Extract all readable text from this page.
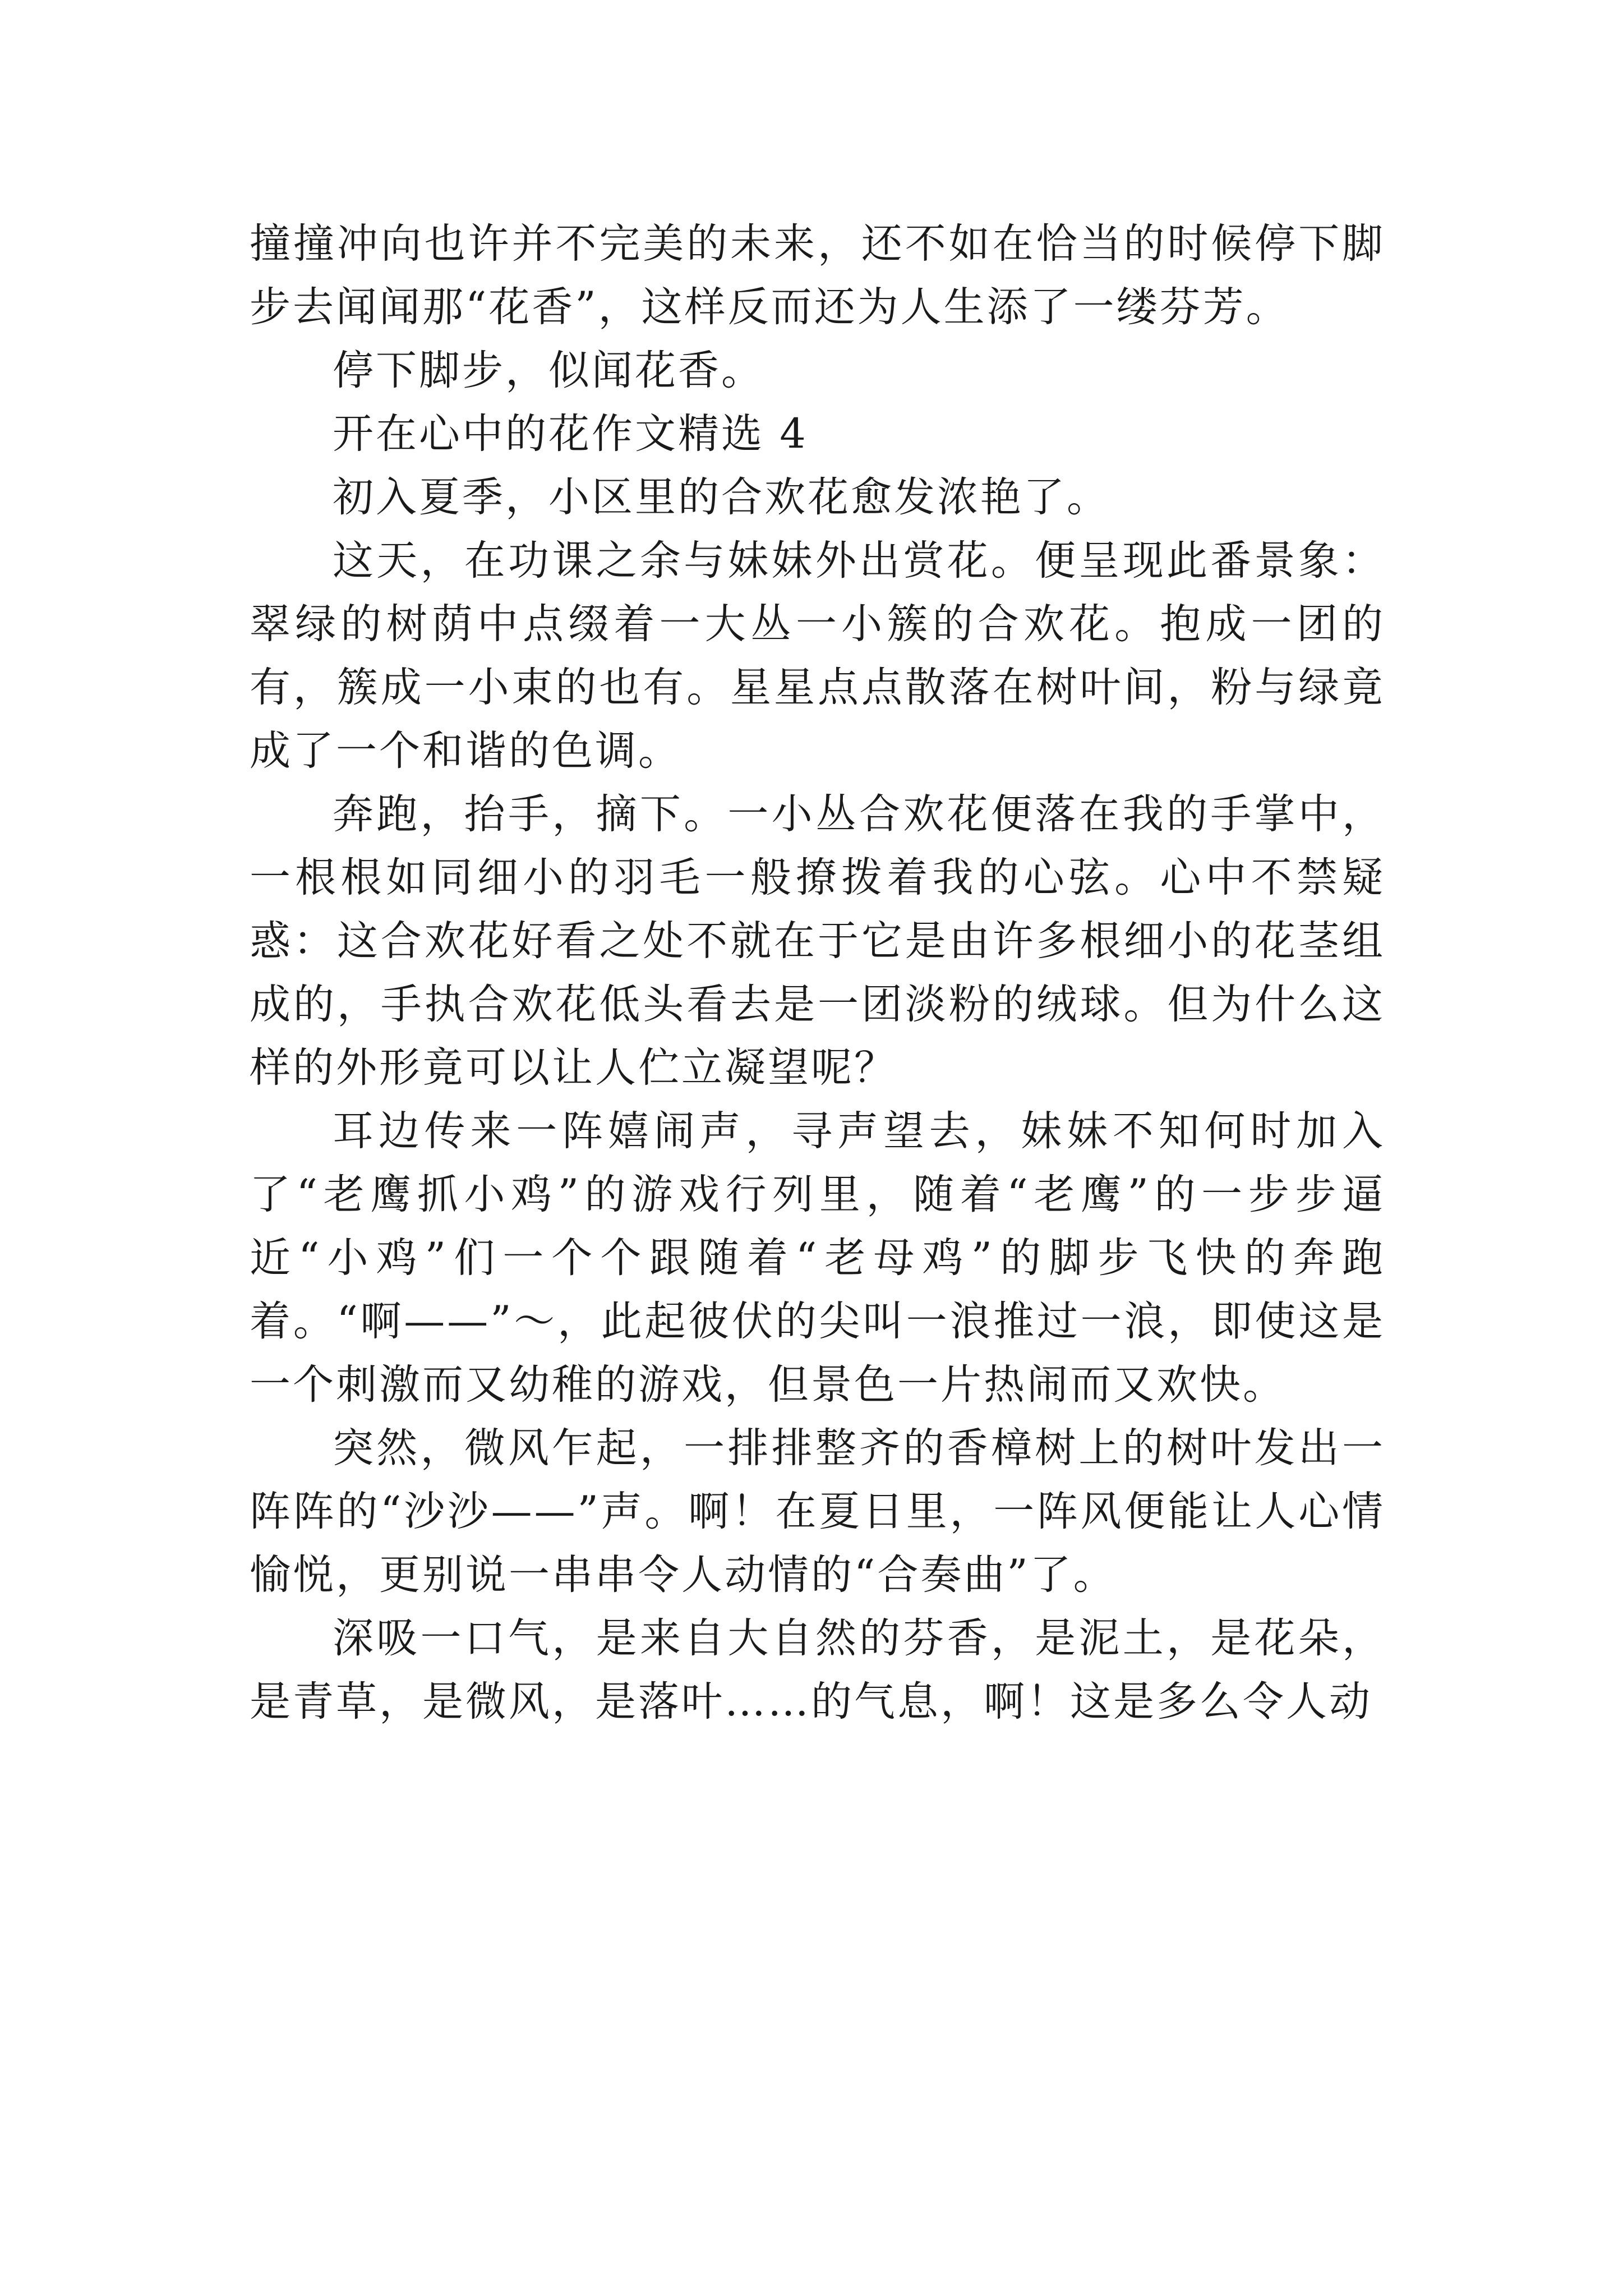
撞撞冲向也许并不完美的未来，还不如在恰当的时候停下脚步去闻闻那“花香”，这样反而还为人生添了一缕芬芳。

停下脚步，似闻花香。

开在心中的花作文精选 4

初入夏季，小区里的合欢花愈发浓艳了。

这天，在功课之余与妹妹外出赏花。便呈现此番景象：翠绿的树荫中点缀着一大丛一小簇的合欢花。抱成一团的有，簇成一小束的也有。星星点点散落在树叶间，粉与绿竟成了一个和谐的色调。

奔跑，抬手，摘下。一小丛合欢花便落在我的手掌中，一根根如同细小的羽毛一般撩拨着我的心弦。心中不禁疑惑：这合欢花好看之处不就在于它是由许多根细小的花茎组成的，手执合欢花低头看去是一团淡粉的绒球。但为什么这样的外形竟可以让人伫立凝望呢？

耳边传来一阵嬉闹声，寻声望去，妹妹不知何时加入了“老鹰抓小鸡”的游戏行列里，随着“老鹰”的一步步逼近“小鸡”们一个个跟随着“老母鸡”的脚步飞快的奔跑着。“啊——”～，此起彼伏的尖叫一浪推过一浪，即使这是一个刺激而又幼稚的游戏，但景色一片热闹而又欢快。

突然，微风乍起，一排排整齐的香樟树上的树叶发出一阵阵的“沙沙——”声。啊！在夏日里，一阵风便能让人心情愉悦，更别说一串串令人动情的“合奏曲”了。

深吸一口气，是来自大自然的芬香，是泥土，是花朵，是青草，是微风，是落叶……的气息，啊！这是多么令人动
